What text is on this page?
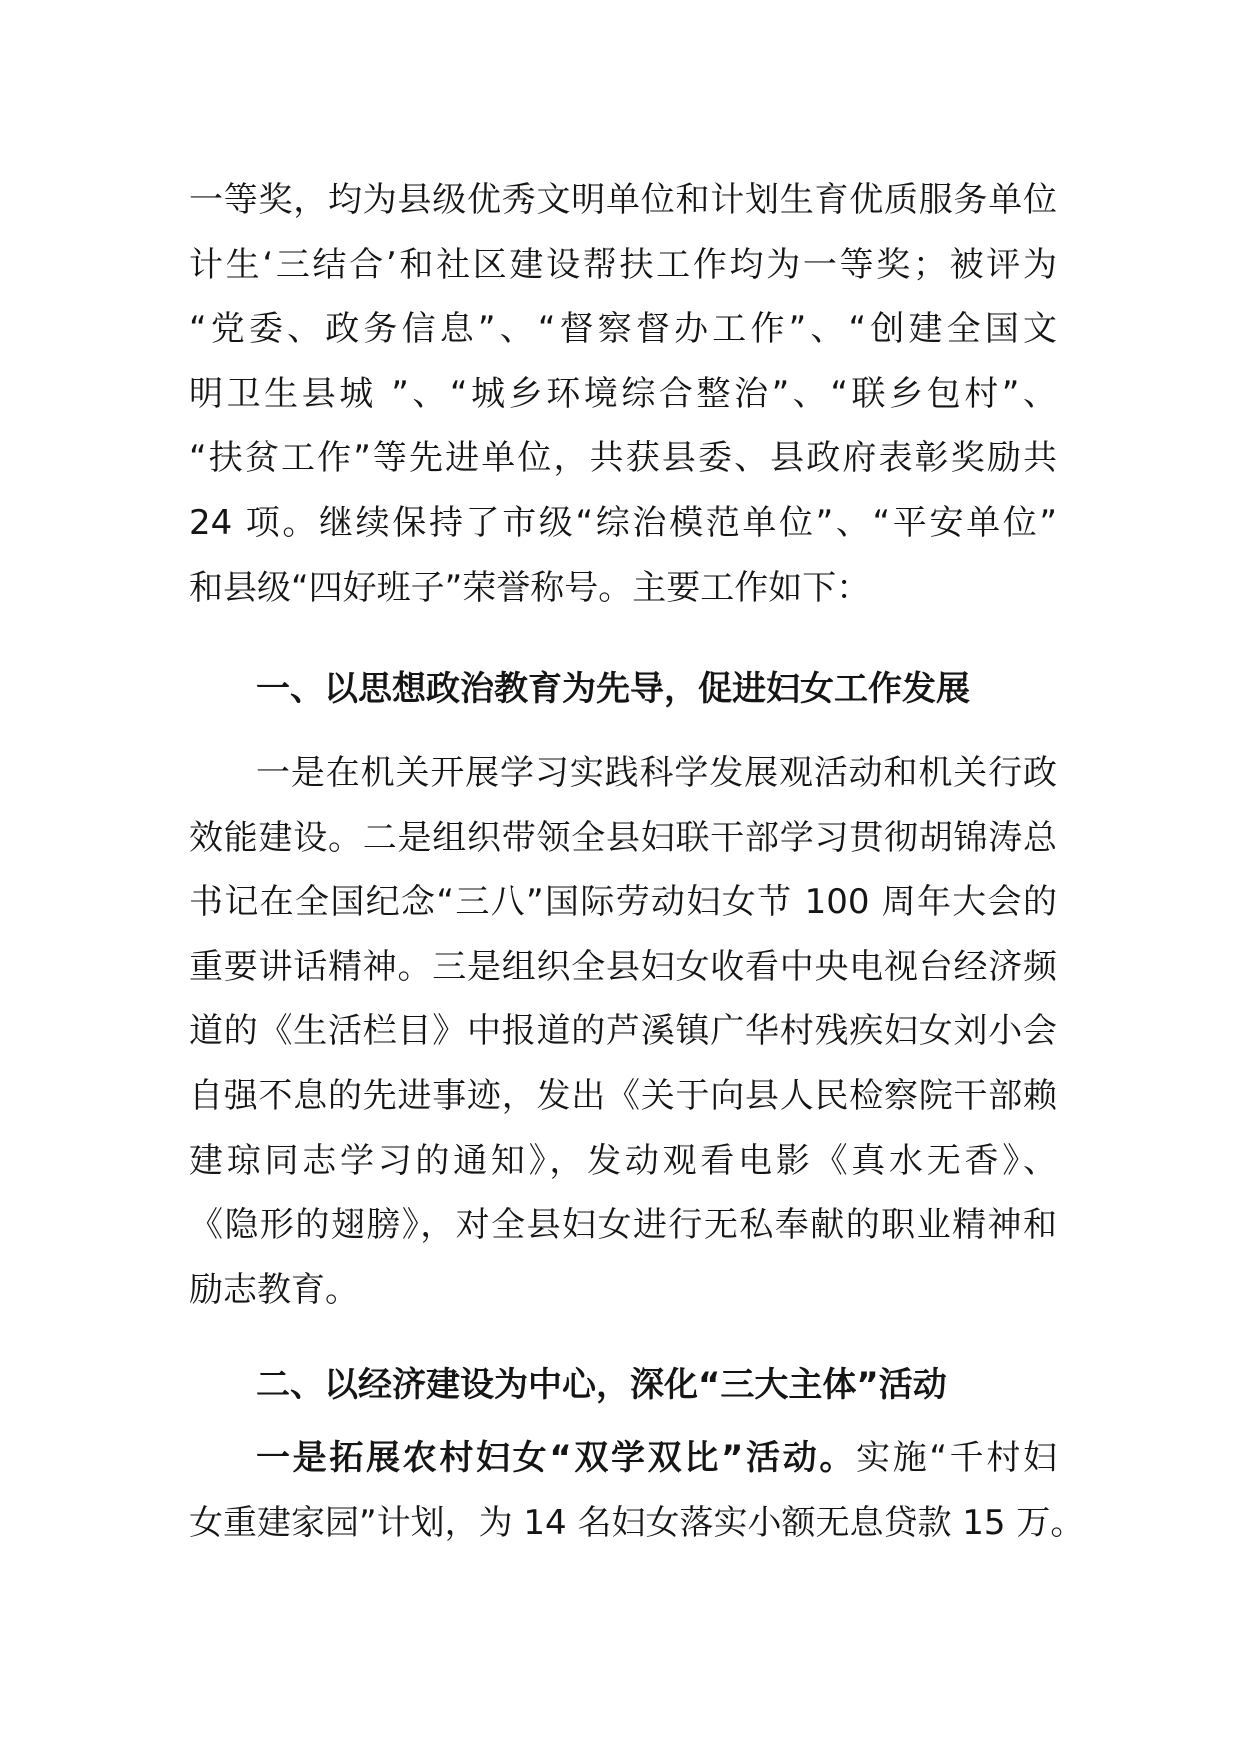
一等奖，均为县级优秀文明单位和计划生育优质服务单位
计生‘三结合’和社区建设帮扶工作均为一等奖；被评为
“党委、政务信息”、“督察督办工作”、“创建全国文
明卫生县城 ”、“城乡环境综合整治”、“联乡包村”、
“扶贫工作”等先进单位，共获县委、县政府表彰奖励共
24 项。继续保持了市级“综治模范单位”、“平安单位”
和县级“四好班子”荣誉称号。主要工作如下：
一、以思想政治教育为先导，促进妇女工作发展
一是在机关开展学习实践科学发展观活动和机关行政
效能建设。二是组织带领全县妇联干部学习贯彻胡锦涛总
书记在全国纪念“三八”国际劳动妇女节 100 周年大会的
重要讲话精神。三是组织全县妇女收看中央电视台经济频
道的《生活栏目》中报道的芦溪镇广华村残疾妇女刘小会
自强不息的先进事迹，发出《关于向县人民检察院干部赖
建琼同志学习的通知》，发动观看电影《真水无香》、
《隐形的翅膀》，对全县妇女进行无私奉献的职业精神和
励志教育。
二、以经济建设为中心，深化“三大主体”活动
一是拓展农村妇女“双学双比”活动。实施“千村妇
女重建家园”计划，为 14 名妇女落实小额无息贷款 15 万。
